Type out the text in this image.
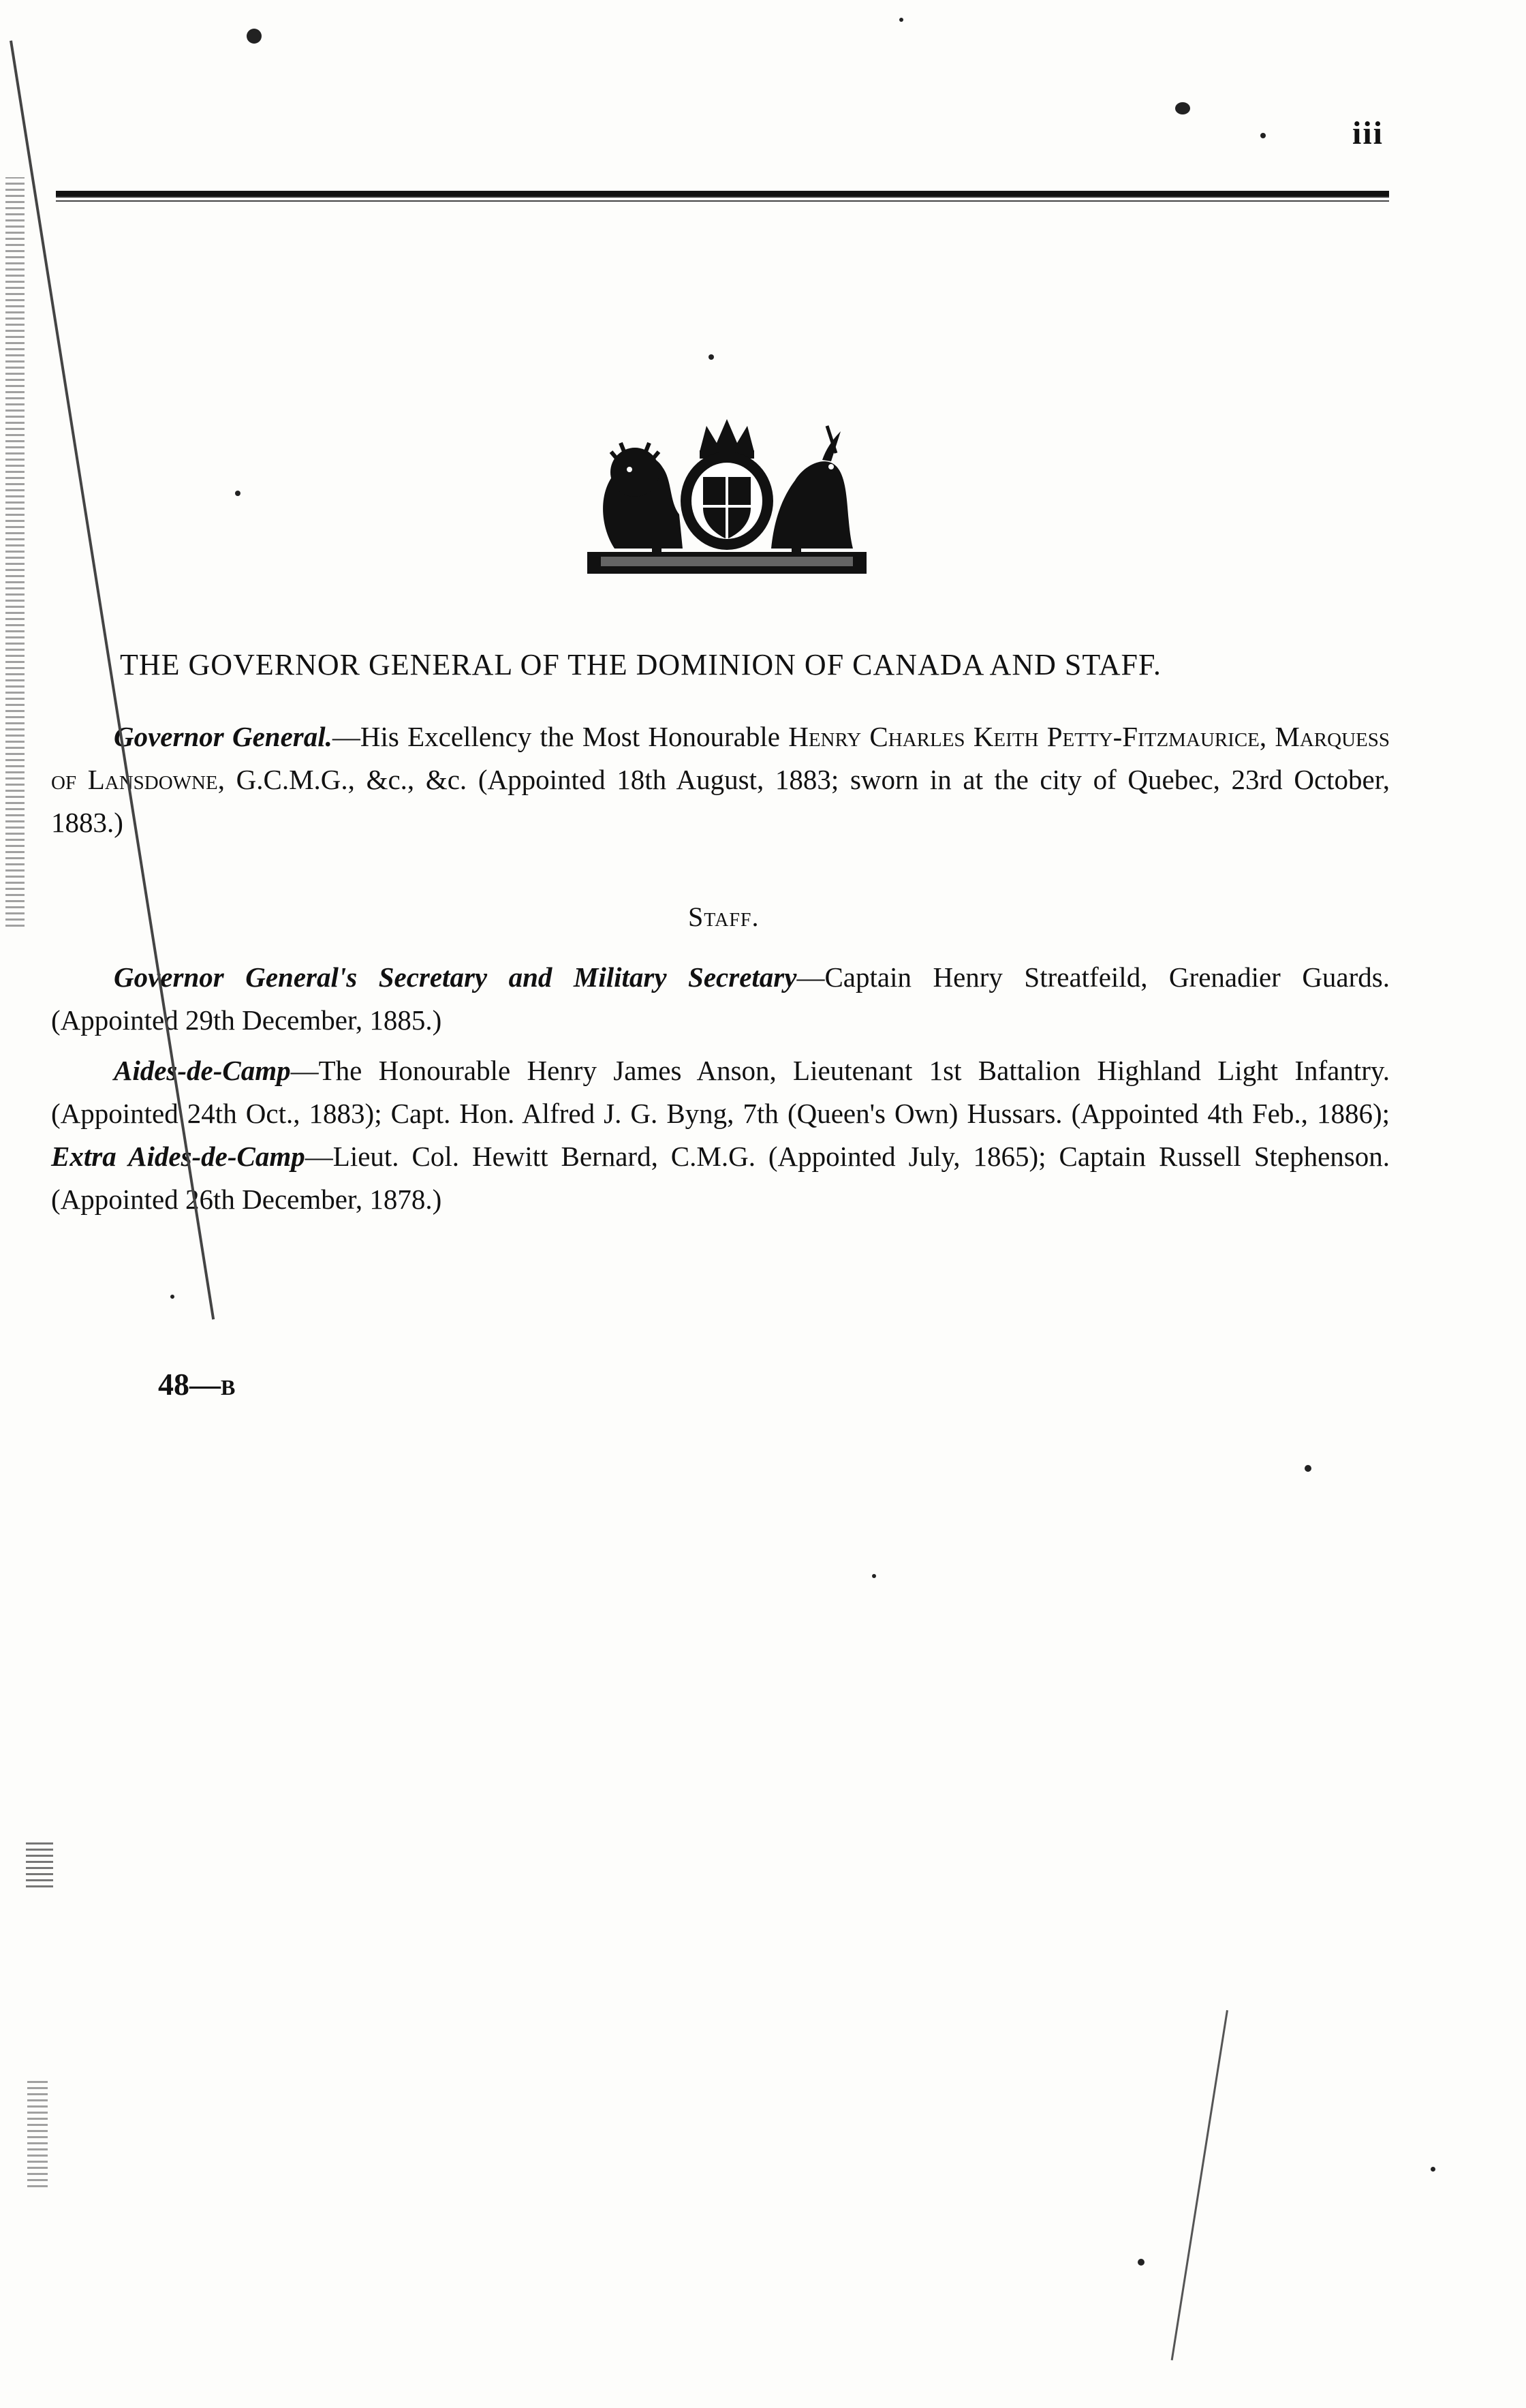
iii
THE GOVERNOR GENERAL OF THE DOMINION OF CANADA AND STAFF.
Governor General.—His Excellency the Most Honourable Henry Charles Keith Petty-Fitzmaurice, Marquess of Lansdowne, G.C.M.G., &c., &c. (Appointed 18th August, 1883; sworn in at the city of Quebec, 23rd October, 1883.)
Staff.
Governor General's Secretary and Military Secretary—Captain Henry Streatfeild, Grenadier Guards. (Appointed 29th December, 1885.)
Aides-de-Camp—The Honourable Henry James Anson, Lieutenant 1st Battalion Highland Light Infantry. (Appointed 24th Oct., 1883); Capt. Hon. Alfred J. G. Byng, 7th (Queen's Own) Hussars. (Appointed 4th Feb., 1886); Extra Aides-de-Camp—Lieut. Col. Hewitt Bernard, C.M.G. (Appointed July, 1865); Captain Russell Stephenson. (Appointed 26th December, 1878.)
48—B
